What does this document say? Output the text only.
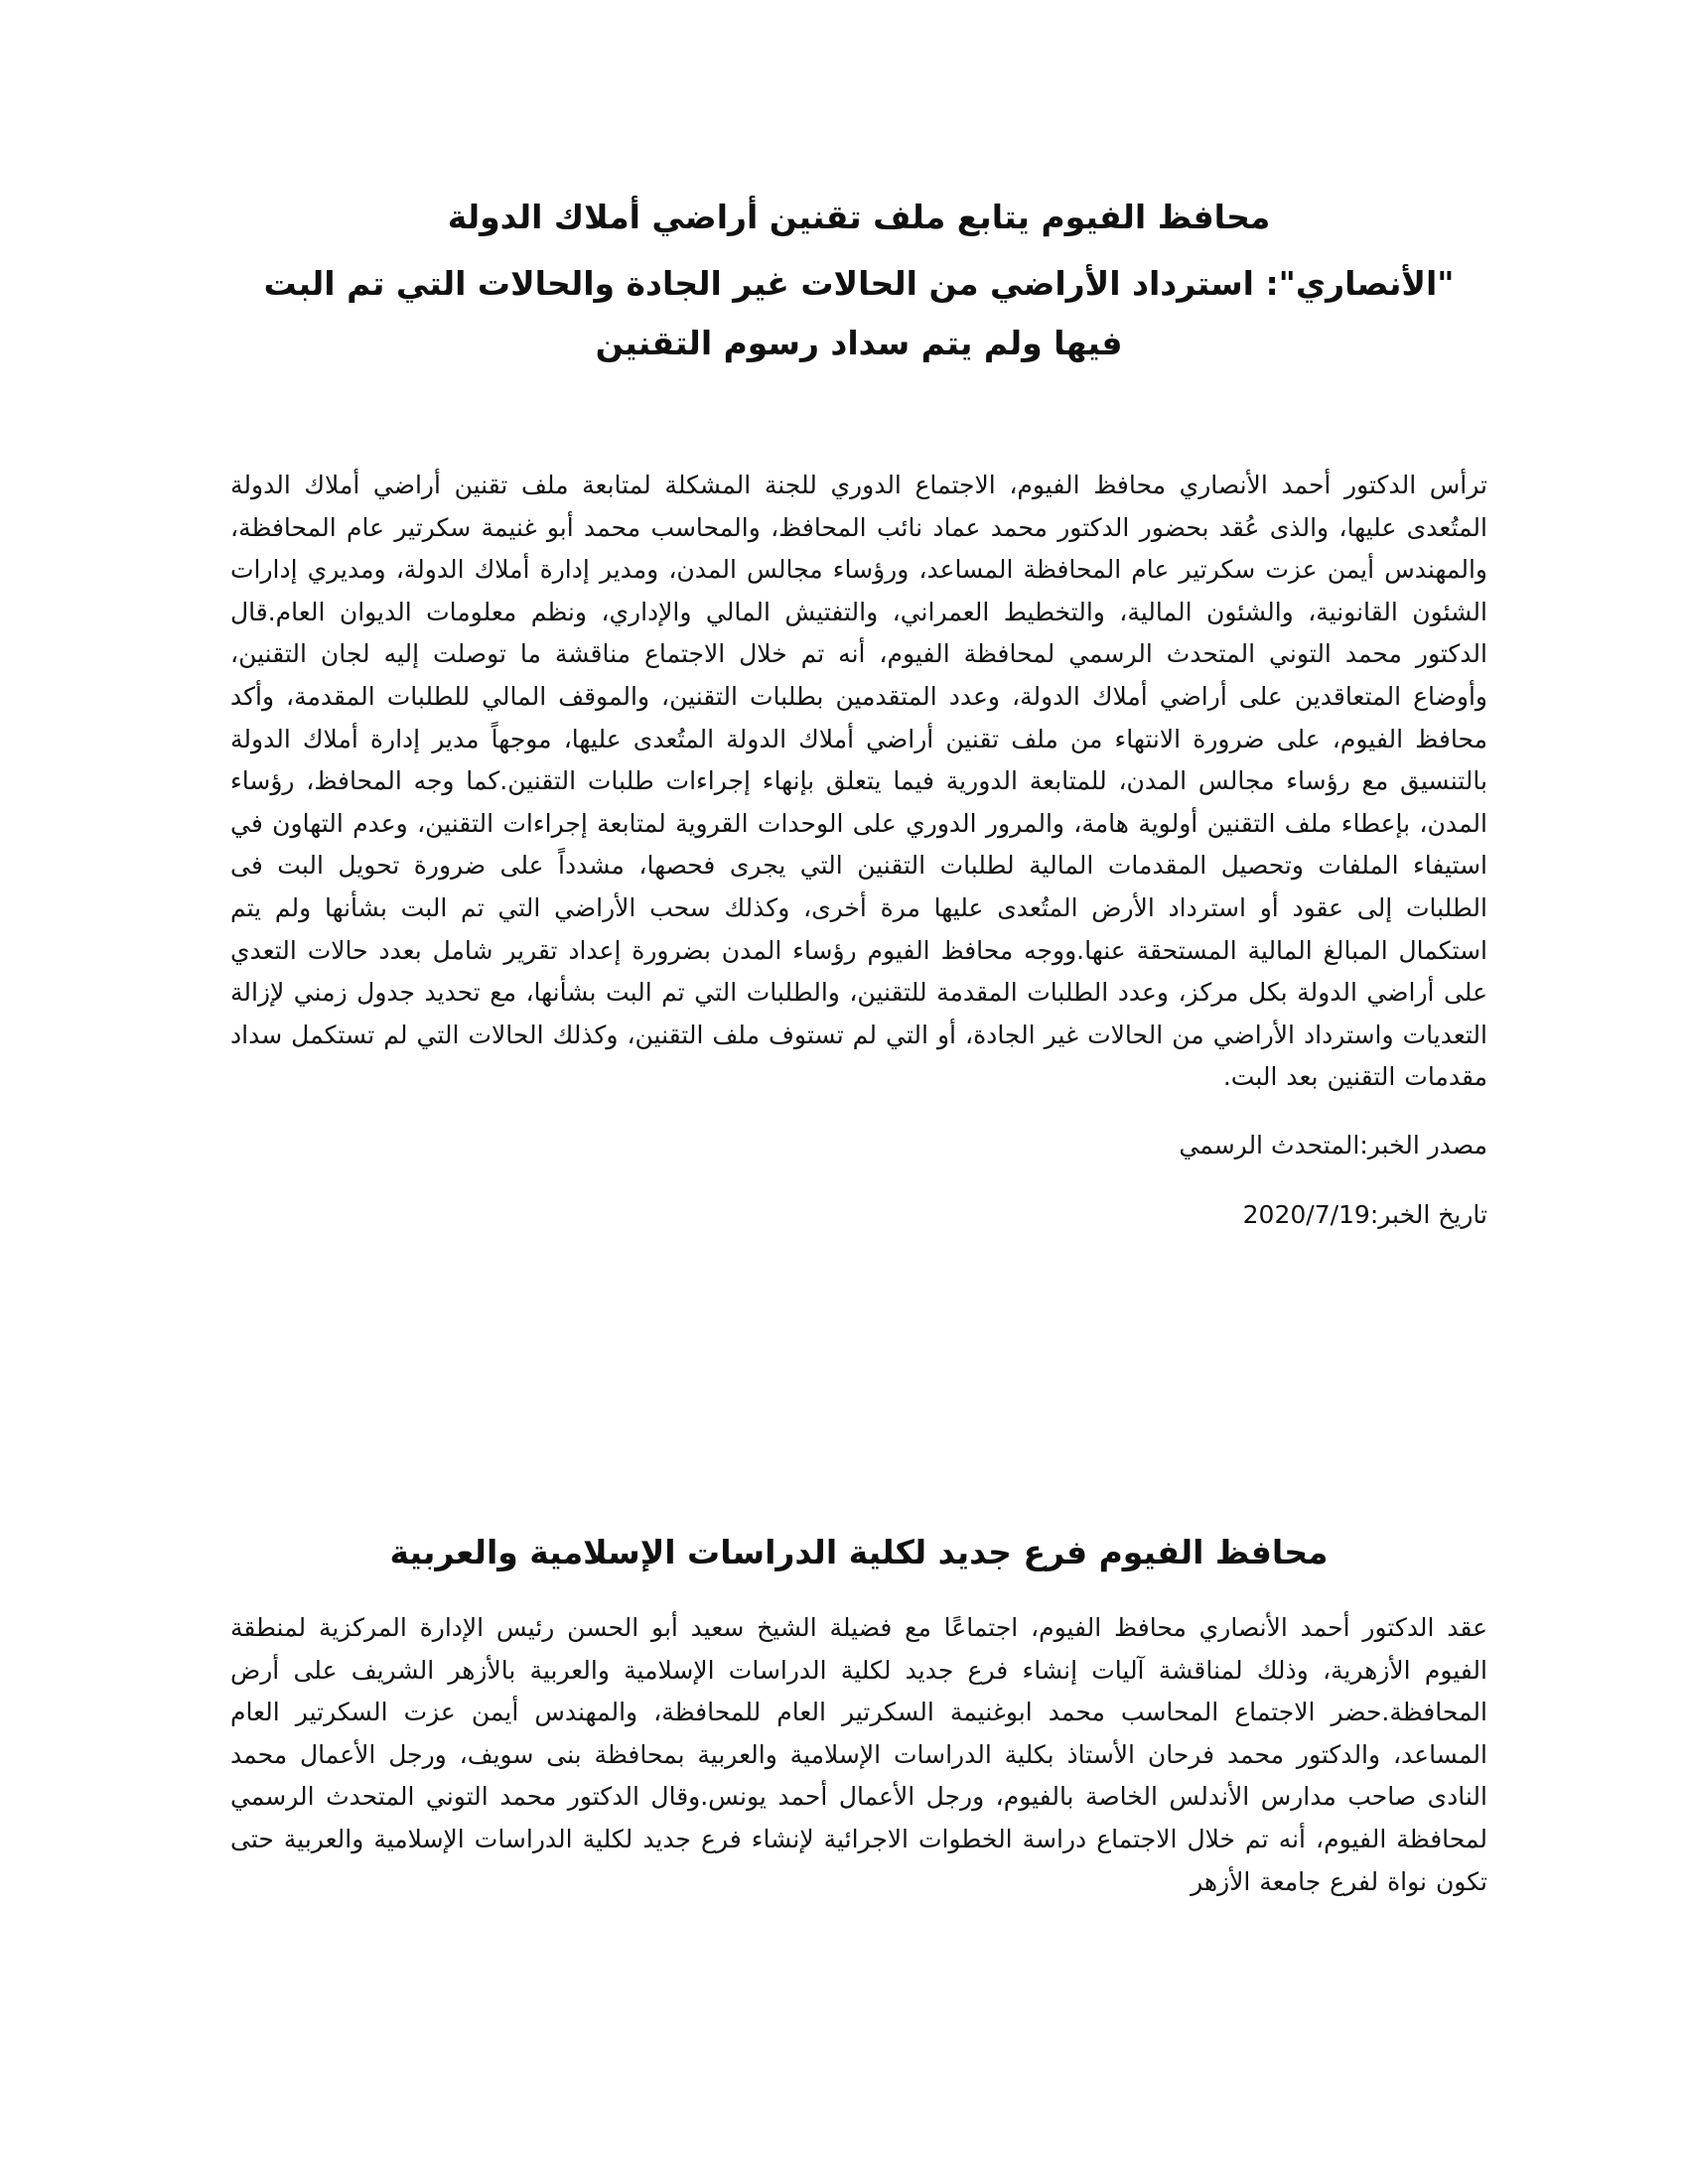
محافظ الفيوم يتابع ملف تقنين أراضي أملاك الدولة
"الأنصاري": استرداد الأراضي من الحالات غير الجادة والحالات التي تم البت فيها ولم يتم سداد رسوم التقنين

ترأس الدكتور أحمد الأنصاري محافظ الفيوم، الاجتماع الدوري للجنة المشكلة لمتابعة ملف تقنين أراضي أملاك الدولة المتُعدى عليها، والذى عُقد بحضور الدكتور محمد عماد نائب المحافظ، والمحاسب محمد أبو غنيمة سكرتير عام المحافظة، والمهندس أيمن عزت سكرتير عام المحافظة المساعد، ورؤساء مجالس المدن، ومدير إدارة أملاك الدولة، ومديري إدارات الشئون القانونية، والشئون المالية، والتخطيط العمراني، والتفتيش المالي والإداري، ونظم معلومات الديوان العام.قال الدكتور محمد التوني المتحدث الرسمي لمحافظة الفيوم، أنه تم خلال الاجتماع مناقشة ما توصلت إليه لجان التقنين، وأوضاع المتعاقدين على أراضي أملاك الدولة، وعدد المتقدمين بطلبات التقنين، والموقف المالي للطلبات المقدمة، وأكد محافظ الفيوم، على ضرورة الانتهاء من ملف تقنين أراضي أملاك الدولة المتُعدى عليها، موجهاً مدير إدارة أملاك الدولة بالتنسيق مع رؤساء مجالس المدن، للمتابعة الدورية فيما يتعلق بإنهاء إجراءات طلبات التقنين.كما وجه المحافظ، رؤساء المدن، بإعطاء ملف التقنين أولوية هامة، والمرور الدوري على الوحدات القروية لمتابعة إجراءات التقنين، وعدم التهاون في استيفاء الملفات وتحصيل المقدمات المالية لطلبات التقنين التي يجرى فحصها، مشدداً على ضرورة تحويل البت فى الطلبات إلى عقود أو استرداد الأرض المتُعدى عليها مرة أخرى، وكذلك سحب الأراضي التي تم البت بشأنها ولم يتم استكمال المبالغ المالية المستحقة عنها.ووجه محافظ الفيوم رؤساء المدن بضرورة إعداد تقرير شامل بعدد حالات التعدي على أراضي الدولة بكل مركز، وعدد الطلبات المقدمة للتقنين، والطلبات التي تم البت بشأنها، مع تحديد جدول زمني لإزالة التعديات واسترداد الأراضي من الحالات غير الجادة، أو التي لم تستوف ملف التقنين، وكذلك الحالات التي لم تستكمل سداد مقدمات التقنين بعد البت.

مصدر الخبر:المتحدث الرسمي

تاريخ الخبر:2020/7/19

محافظ الفيوم فرع جديد لكلية الدراسات الإسلامية والعربية

عقد الدكتور أحمد الأنصاري محافظ الفيوم، اجتماعًا مع فضيلة الشيخ سعيد أبو الحسن رئيس الإدارة المركزية لمنطقة الفيوم الأزهرية، وذلك لمناقشة آليات إنشاء فرع جديد لكلية الدراسات الإسلامية والعربية بالأزهر الشريف على أرض المحافظة.حضر الاجتماع المحاسب محمد ابوغنيمة السكرتير العام للمحافظة، والمهندس أيمن عزت السكرتير العام المساعد، والدكتور محمد فرحان الأستاذ بكلية الدراسات الإسلامية والعربية بمحافظة بنى سويف، ورجل الأعمال محمد النادى صاحب مدارس الأندلس الخاصة بالفيوم، ورجل الأعمال أحمد يونس.وقال الدكتور محمد التوني المتحدث الرسمي لمحافظة الفيوم، أنه تم خلال الاجتماع دراسة الخطوات الاجرائية لإنشاء فرع جديد لكلية الدراسات الإسلامية والعربية حتى تكون نواة لفرع جامعة الأزهر
